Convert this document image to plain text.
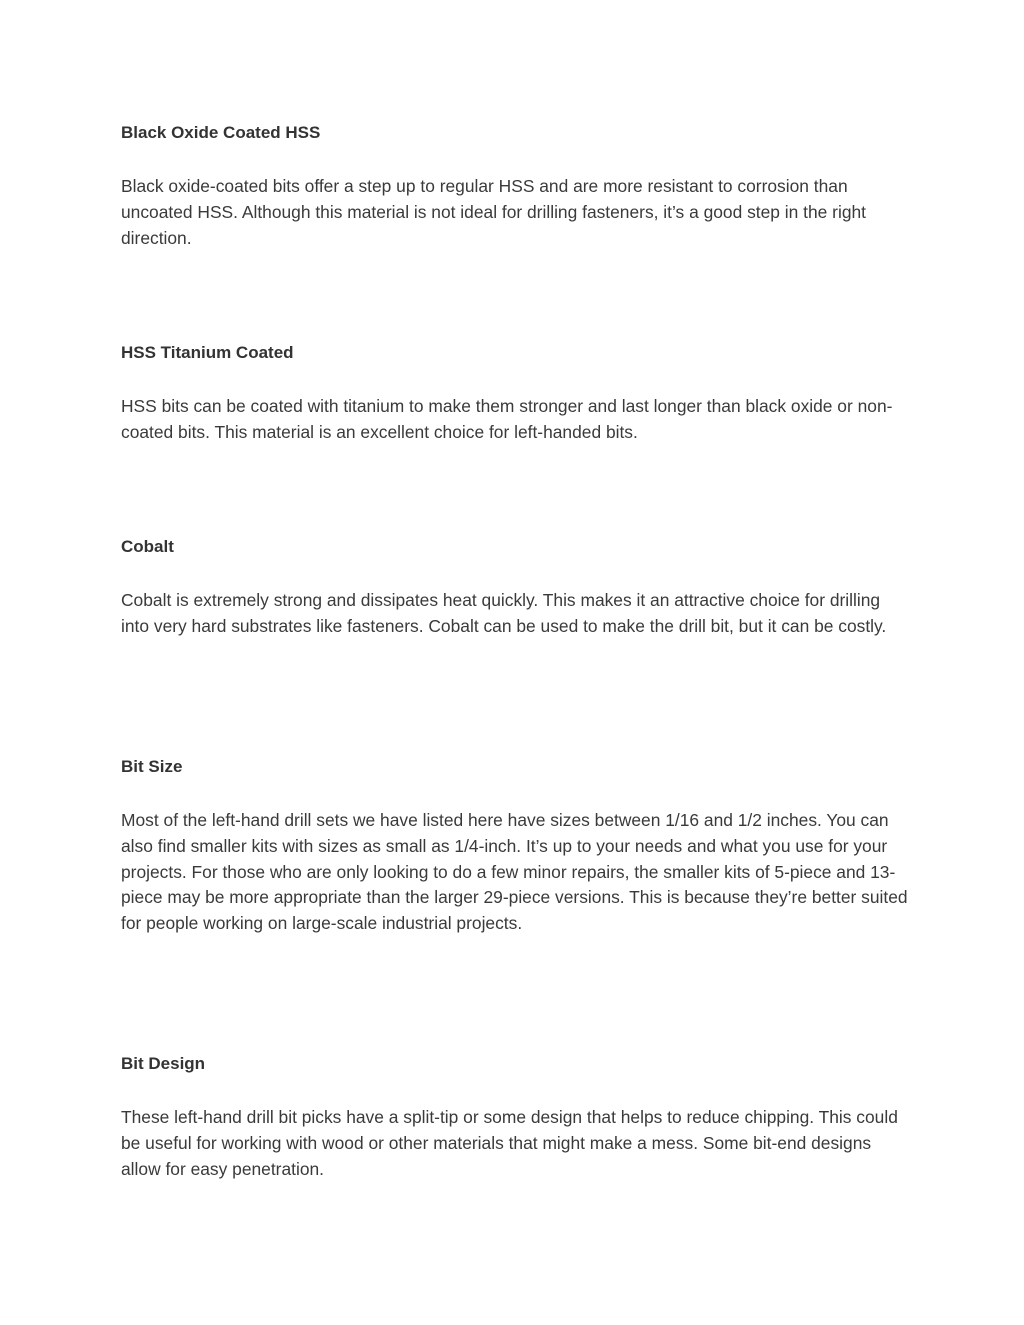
Black Oxide Coated HSS

Black oxide-coated bits offer a step up to regular HSS and are more resistant to corrosion than uncoated HSS. Although this material is not ideal for drilling fasteners, it’s a good step in the right direction.

HSS Titanium Coated

HSS bits can be coated with titanium to make them stronger and last longer than black oxide or non-coated bits. This material is an excellent choice for left-handed bits.

Cobalt

Cobalt is extremely strong and dissipates heat quickly. This makes it an attractive choice for drilling into very hard substrates like fasteners. Cobalt can be used to make the drill bit, but it can be costly.

Bit Size

Most of the left-hand drill sets we have listed here have sizes between 1/16 and 1/2 inches. You can also find smaller kits with sizes as small as 1/4-inch. It’s up to your needs and what you use for your projects. For those who are only looking to do a few minor repairs, the smaller kits of 5-piece and 13-piece may be more appropriate than the larger 29-piece versions. This is because they’re better suited for people working on large-scale industrial projects.

Bit Design

These left-hand drill bit picks have a split-tip or some design that helps to reduce chipping. This could be useful for working with wood or other materials that might make a mess. Some bit-end designs allow for easy penetration.
